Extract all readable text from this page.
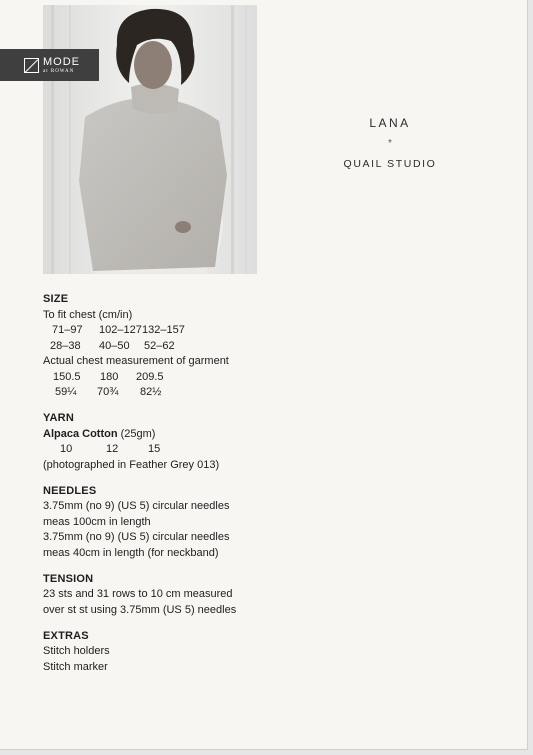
MODE
at ROWAN
LANA
*
QUAIL STUDIO
SIZE
To fit chest (cm/in)
71–97	102–127 132–157
28–38	40–50	52–62
Actual chest measurement of garment
150.5	180	209.5
59¼	70¾	82½
YARN
Alpaca Cotton (25gm)
10	12	15
(photographed in Feather Grey 013)
NEEDLES
3.75mm (no 9) (US 5) circular needles
meas 100cm in length
3.75mm (no 9) (US 5) circular needles
meas 40cm in length (for neckband)
TENSION
23 sts and 31 rows to 10 cm measured
over st st using 3.75mm (US 5) needles
EXTRAS
Stitch holders
Stitch marker
